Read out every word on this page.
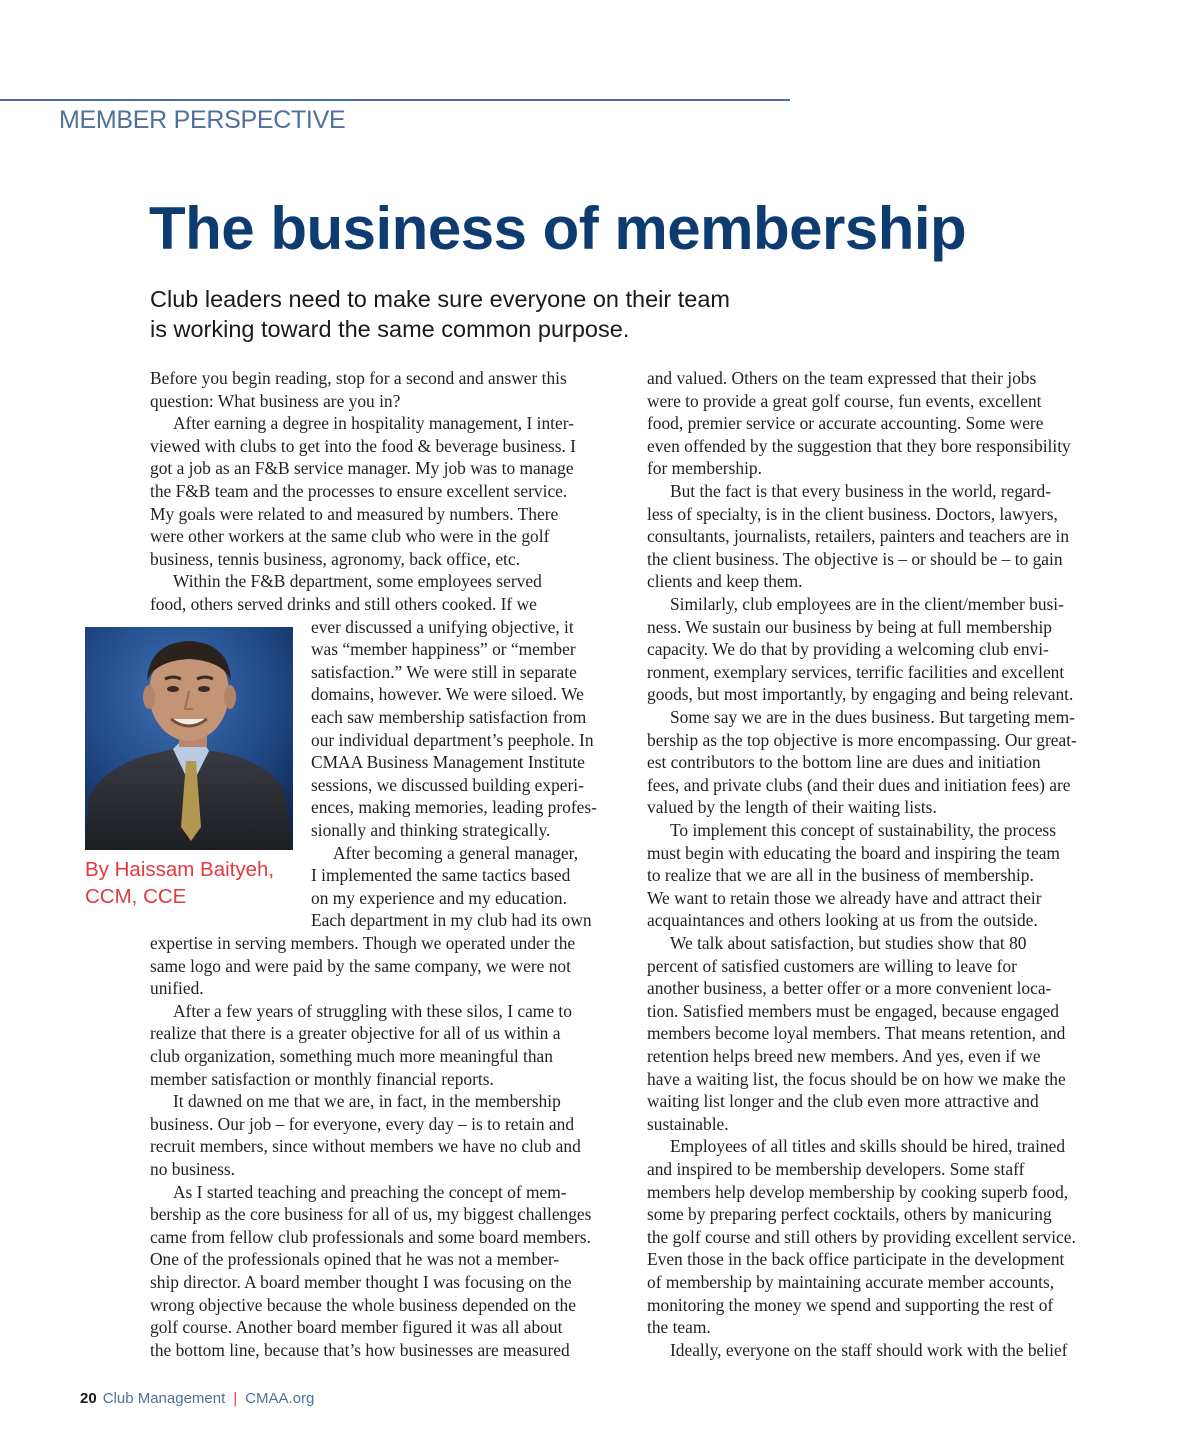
MEMBER PERSPECTIVE
The business of membership
Club leaders need to make sure everyone on their team
is working toward the same common purpose.

Before you begin reading, stop for a second and answer this

question: What business are you in?

After earning a degree in hospitality management, I inter-

viewed with clubs to get into the food & beverage business. I

got a job as an F&B service manager. My job was to manage

the F&B team and the processes to ensure excellent service.

My goals were related to and measured by numbers. There

were other workers at the same club who were in the golf

business, tennis business, agronomy, back office, etc.

Within the F&B department, some employees served

food, others served drinks and still others cooked. If we

ever discussed a unifying objective, it

was “member happiness” or “member

satisfaction.” We were still in separate

domains, however. We were siloed. We

each saw membership satisfaction from

our individual department’s peephole. In

CMAA Business Management Institute

sessions, we discussed building experi-

ences, making memories, leading profes-

sionally and thinking strategically.

After becoming a general manager,

I implemented the same tactics based

on my experience and my education.

Each department in my club had its own

expertise in serving members. Though we operated under the

same logo and were paid by the same company, we were not

unified.

After a few years of struggling with these silos, I came to

realize that there is a greater objective for all of us within a

club organization, something much more meaningful than

member satisfaction or monthly financial reports.

It dawned on me that we are, in fact, in the membership

business. Our job – for everyone, every day – is to retain and

recruit members, since without members we have no club and

no business.

As I started teaching and preaching the concept of mem-

bership as the core business for all of us, my biggest challenges

came from fellow club professionals and some board members.

One of the professionals opined that he was not a member-

ship director. A board member thought I was focusing on the

wrong objective because the whole business depended on the

golf course. Another board member figured it was all about

the bottom line, because that’s how businesses are measured

and valued. Others on the team expressed that their jobs

were to provide a great golf course, fun events, excellent

food, premier service or accurate accounting. Some were

even offended by the suggestion that they bore responsibility

for membership.

But the fact is that every business in the world, regard-

less of specialty, is in the client business. Doctors, lawyers,

consultants, journalists, retailers, painters and teachers are in

the client business. The objective is – or should be – to gain

clients and keep them.

Similarly, club employees are in the client/member busi-

ness. We sustain our business by being at full membership

capacity. We do that by providing a welcoming club envi-

ronment, exemplary services, terrific facilities and excellent

goods, but most importantly, by engaging and being relevant.

Some say we are in the dues business. But targeting mem-

bership as the top objective is more encompassing. Our great-

est contributors to the bottom line are dues and initiation

fees, and private clubs (and their dues and initiation fees) are

valued by the length of their waiting lists.

To implement this concept of sustainability, the process

must begin with educating the board and inspiring the team

to realize that we are all in the business of membership.

We want to retain those we already have and attract their

acquaintances and others looking at us from the outside.

We talk about satisfaction, but studies show that 80

percent of satisfied customers are willing to leave for

another business, a better offer or a more convenient loca-

tion. Satisfied members must be engaged, because engaged

members become loyal members. That means retention, and

retention helps breed new members. And yes, even if we

have a waiting list, the focus should be on how we make the

waiting list longer and the club even more attractive and

sustainable.

Employees of all titles and skills should be hired, trained

and inspired to be membership developers. Some staff

members help develop membership by cooking superb food,

some by preparing perfect cocktails, others by manicuring

the golf course and still others by providing excellent service.

Even those in the back office participate in the development

of membership by maintaining accurate member accounts,

monitoring the money we spend and supporting the rest of

the team.

Ideally, everyone on the staff should work with the belief

By Haissam Baityeh,
CCM, CCE

20 Club Management | CMAA.org
